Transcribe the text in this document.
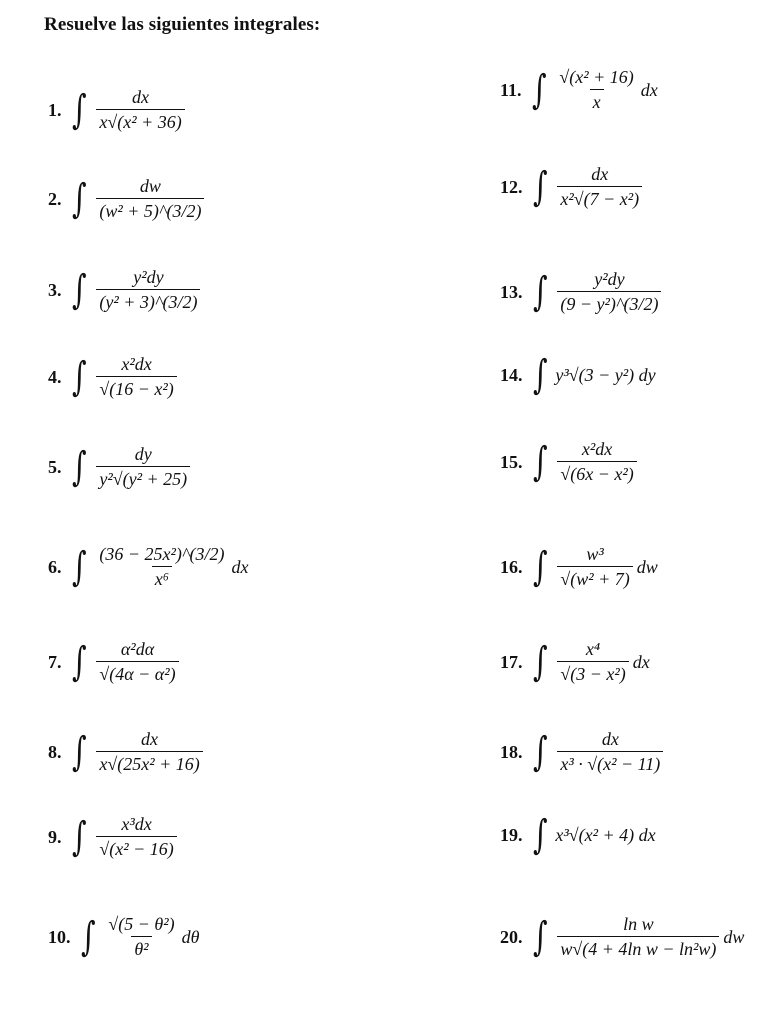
Resuelve las siguientes integrales:
1. ∫ $\frac{dx}{\text{x√(x² + 36)}}$
2. ∫ $\frac{dw}{\text{(w² + 5)\textasciicircum{}(3/2)}}$
3. ∫ $\frac{\text{y²dy}}{\text{(y² + 3)\textasciicircum{}(3/2)}}$
4. ∫ $\frac{\text{x²dx}}{\text{√(16 − x²)}}$
5. ∫ $\frac{dy}{\text{y²√(y² + 25)}}$
6. ∫ $\frac{\text{(36 − 25x²)\textasciicircum{}(3/2)}}{\text{x⁶}}$ dx
7. ∫ $\frac{\text{α²dα}}{\text{√(4α − α²)}}$
8. ∫ $\frac{dx}{\text{x√(25x² + 16)}}$
9. ∫ $\frac{\text{x³dx}}{\text{√(x² − 16)}}$
10. ∫ $\frac{\text{√(5 − θ²)}}{\text{θ²}}$ dθ
11. ∫ $\frac{\text{√(x² + 16)}}{x}$ dx
12. ∫ $\frac{dx}{\text{x²√(7 − x²)}}$
13. ∫ $\frac{\text{y²dy}}{\text{(9 − y²)\textasciicircum{}(3/2)}}$
14. ∫ y³√(3 − y²) dy
15. ∫ $\frac{\text{x²dx}}{\text{√(6x − x²)}}$
16. ∫ $\frac{\text{w³}}{\text{√(w² + 7)}}$ dw
17. ∫ $\frac{\text{x⁴}}{\text{√(3 − x²)}}$ dx
18. ∫ $\frac{dx}{\text{x³ · √(x² − 11)}}$
19. ∫ x³√(x² + 4) dx
20. ∫ $\frac{\text{ln w}}{\text{w√(4 + 4ln w − ln²w)}}$ dw
